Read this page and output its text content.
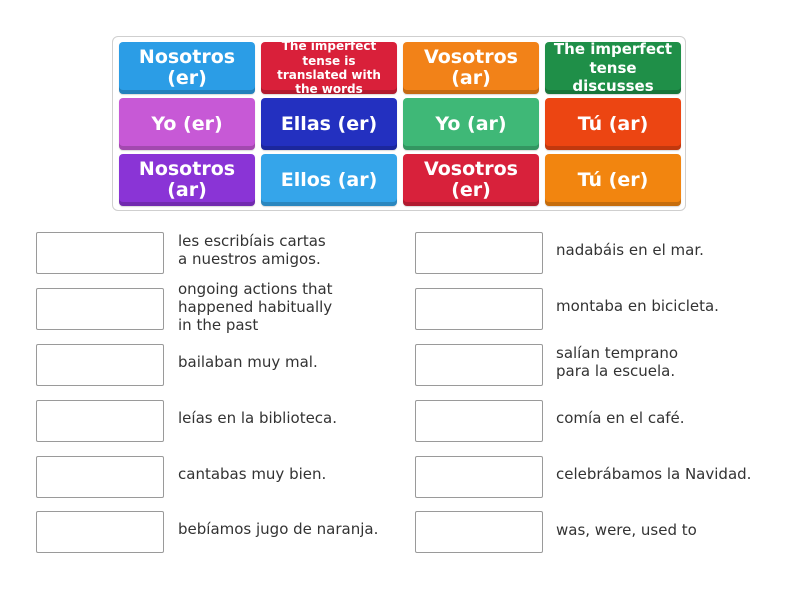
Nosotros (er)
The imperfect tense is translated with the words
Vosotros (ar)
The imperfect tense discusses
Yo (er)	Ellas (er)	Yo (ar)	Tú (ar)
Nosotros (ar)	Ellos (ar)	Vosotros (er)	Tú (er)
les escribíais cartas
a nuestros amigos.
ongoing actions that
happened habitually
in the past
bailaban muy mal.
leías en la biblioteca.
cantabas muy bien.
bebíamos jugo de naranja.
nadabáis en el mar.
montaba en bicicleta.
salían temprano
para la escuela.
comía en el café.
celebrábamos la Navidad.
was, were, used to
